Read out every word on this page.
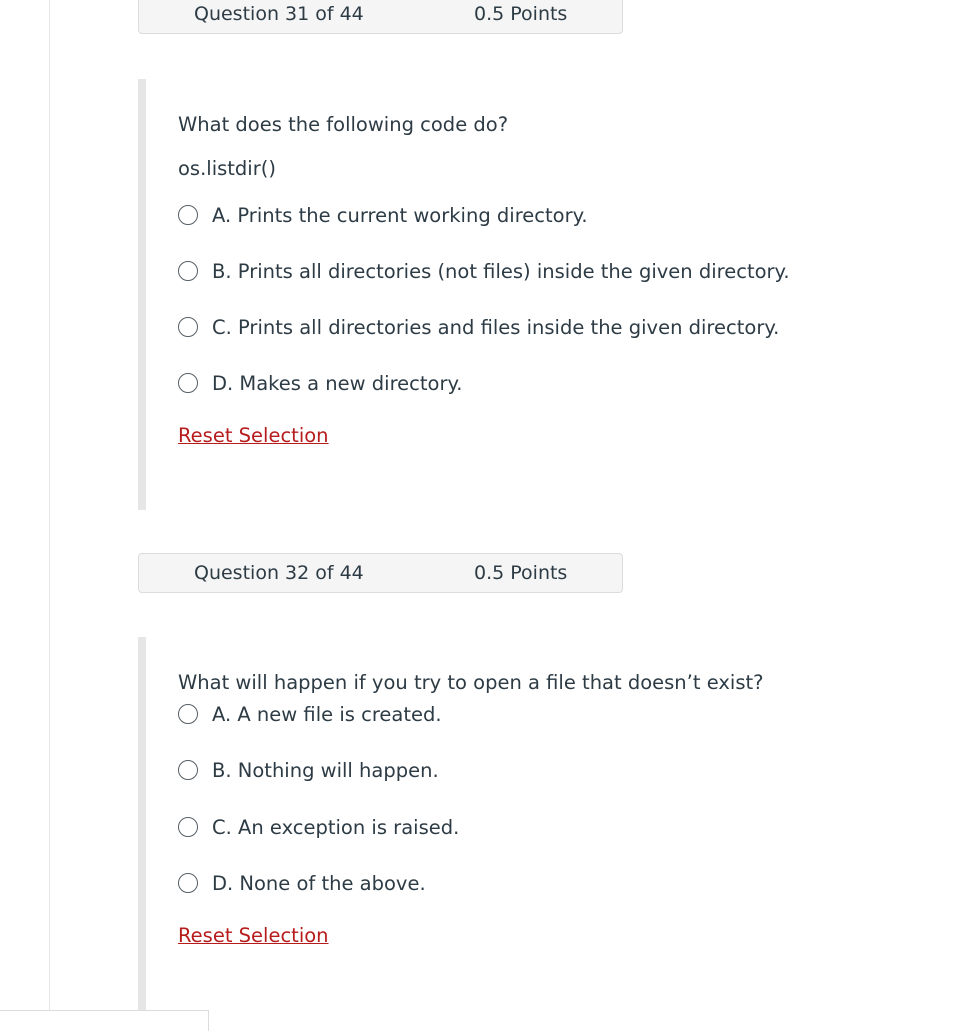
Question 31 of 44	0.5 Points
What does the following code do?
os.listdir()
A. Prints the current working directory.
B. Prints all directories (not files) inside the given directory.
C. Prints all directories and files inside the given directory.
D. Makes a new directory.
Reset Selection
Question 32 of 44	0.5 Points
What will happen if you try to open a file that doesn’t exist?
A. A new file is created.
B. Nothing will happen.
C. An exception is raised.
D. None of the above.
Reset Selection
